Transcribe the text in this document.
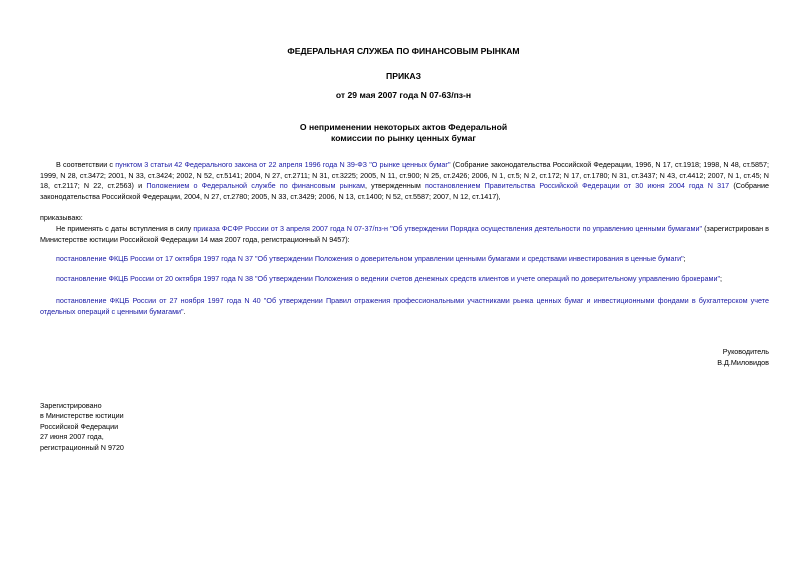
ФЕДЕРАЛЬНАЯ СЛУЖБА ПО ФИНАНСОВЫМ РЫНКАМ
ПРИКАЗ
от 29 мая 2007 года N 07-63/пз-н
О неприменении некоторых актов Федеральной
комиссии по рынку ценных бумаг
В соответствии с пунктом 3 статьи 42 Федерального закона от 22 апреля 1996 года N 39-ФЗ "О рынке ценных бумаг" (Собрание законодательства Российской Федерации, 1996, N 17, ст.1918; 1998, N 48, ст.5857; 1999, N 28, ст.3472; 2001, N 33, ст.3424; 2002, N 52, ст.5141; 2004, N 27, ст.2711; N 31, ст.3225; 2005, N 11, ст.900; N 25, ст.2426; 2006, N 1, ст.5; N 2, ст.172; N 17, ст.1780; N 31, ст.3437; N 43, ст.4412; 2007, N 1, ст.45; N 18, ст.2117; N 22, ст.2563) и Положением о Федеральной службе по финансовым рынкам, утвержденным постановлением Правительства Российской Федерации от 30 июня 2004 года N 317 (Собрание законодательства Российской Федерации, 2004, N 27, ст.2780; 2005, N 33, ст.3429; 2006, N 13, ст.1400; N 52, ст.5587; 2007, N 12, ст.1417),
приказываю:
Не применять с даты вступления в силу приказа ФСФР России от 3 апреля 2007 года N 07-37/пз-н "Об утверждении Порядка осуществления деятельности по управлению ценными бумагами" (зарегистрирован в Министерстве юстиции Российской Федерации 14 мая 2007 года, регистрационный N 9457):
постановление ФКЦБ России от 17 октября 1997 года N 37 "Об утверждении Положения о доверительном управлении ценными бумагами и средствами инвестирования в ценные бумаги";
постановление ФКЦБ России от 20 октября 1997 года N 38 "Об утверждении Положения о ведении счетов денежных средств клиентов и учете операций по доверительному управлению брокерами";
постановление ФКЦБ России от 27 ноября 1997 года N 40 "Об утверждении Правил отражения профессиональными участниками рынка ценных бумаг и инвестиционными фондами в бухгалтерском учете отдельных операций с ценными бумагами".
Руководитель
В.Д.Миловидов
Зарегистрировано
в Министерстве юстиции
Российской Федерации
27 июня 2007 года,
регистрационный N 9720
